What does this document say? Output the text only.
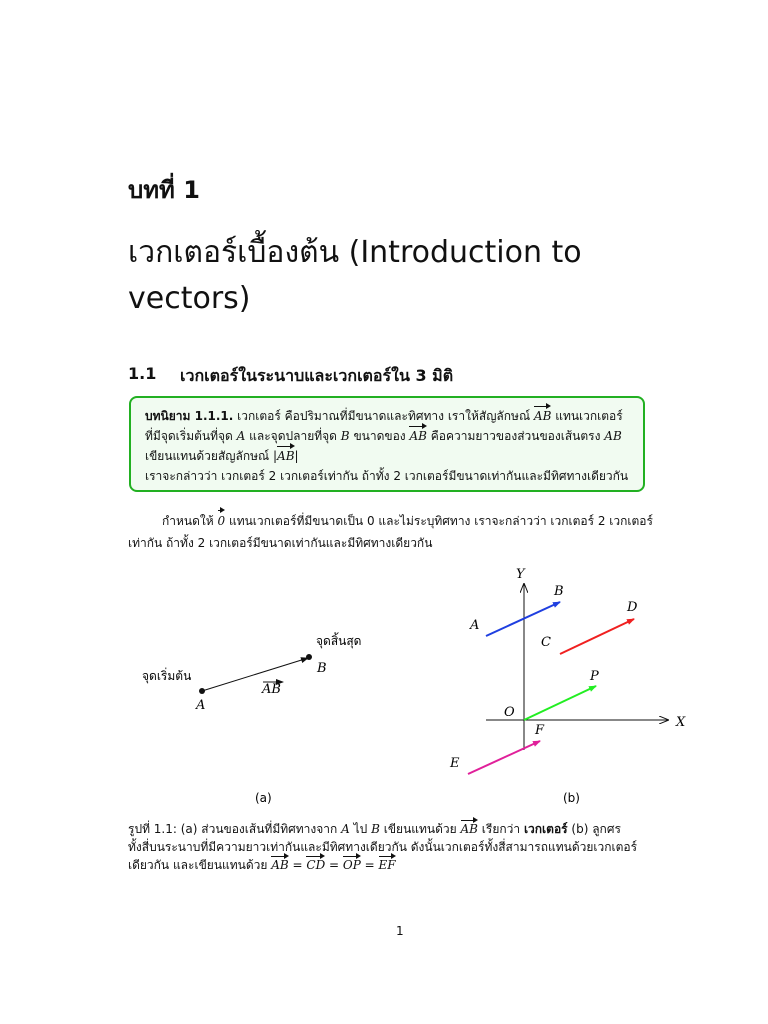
บทที่ 1
เวกเตอร์เบื้องต้น (Introduction to vectors)
1.1 เวกเตอร์ในระนาบและเวกเตอร์ใน 3 มิติ
บทนิยาม 1.1.1. เวกเตอร์ คือปริมาณที่มีขนาดและทิศทาง เราให้สัญลักษณ์ AB แทนเวกเตอร์
ที่มีจุดเริ่มต้นที่จุด A และจุดปลายที่จุด B ขนาดของ AB คือความยาวของส่วนของเส้นตรง AB
เขียนแทนด้วยสัญลักษณ์ |AB|
เราจะกล่าวว่า เวกเตอร์ 2 เวกเตอร์เท่ากัน ถ้าทั้ง 2 เวกเตอร์มีขนาดเท่ากันและมีทิศทางเดียวกัน
กำหนดให้ 0 แทนเวกเตอร์ที่มีขนาดเป็น 0 และไม่ระบุทิศทาง เราจะกล่าวว่า เวกเตอร์ 2 เวกเตอร์
เท่ากัน ถ้าทั้ง 2 เวกเตอร์มีขนาดเท่ากันและมีทิศทางเดียวกัน
จุดเริ่มต้น
จุดสิ้นสุด
A
B
AB
(a)
X
Y
O
A
B
C
D
P
E
F
(b)
รูปที่ 1.1: (a) ส่วนของเส้นที่มีทิศทางจาก A ไป B เขียนแทนด้วย AB เรียกว่า เวกเตอร์ (b) ลูกศร
ทั้งสี่บนระนาบที่มีความยาวเท่ากันและมีทิศทางเดียวกัน ดังนั้นเวกเตอร์ทั้งสี่สามารถแทนด้วยเวกเตอร์
เดียวกัน และเขียนแทนด้วย AB = CD = OP = EF
1
